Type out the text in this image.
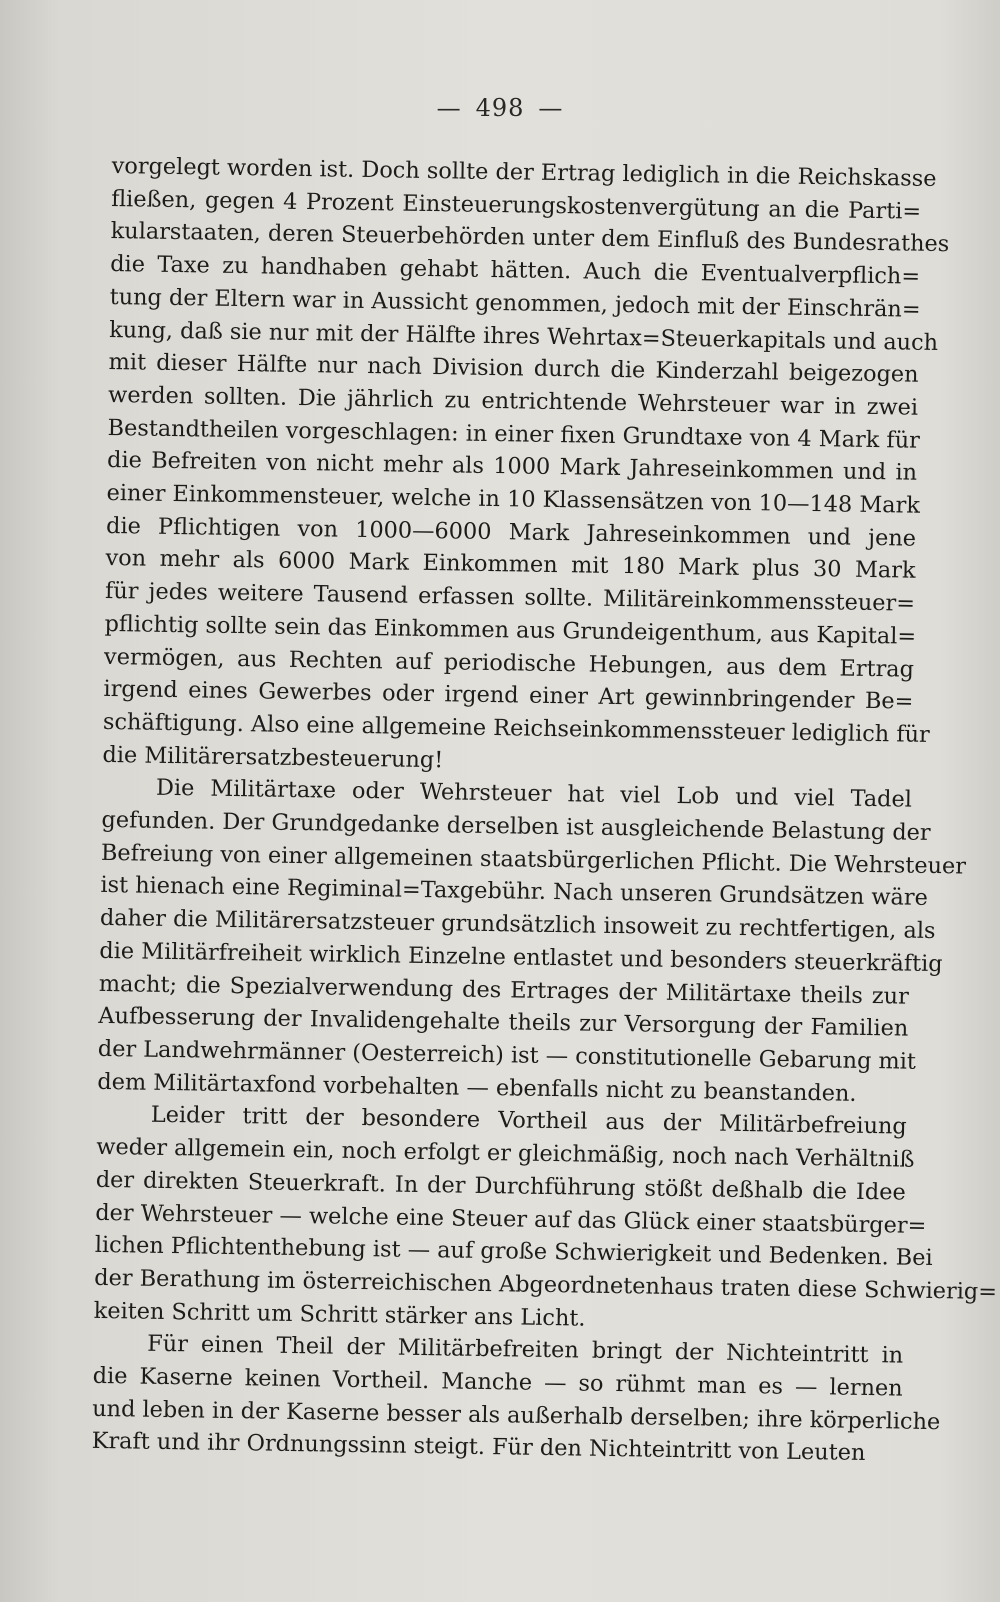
— 498 —
vorgelegt worden ist. Doch sollte der Ertrag lediglich in die Reichskasse
fließen, gegen 4 Prozent Einsteuerungskostenvergütung an die Parti=
kularstaaten, deren Steuerbehörden unter dem Einfluß des Bundesrathes
die Taxe zu handhaben gehabt hätten. Auch die Eventualverpflich=
tung der Eltern war in Aussicht genommen, jedoch mit der Einschrän=
kung, daß sie nur mit der Hälfte ihres Wehrtax=Steuerkapitals und auch
mit dieser Hälfte nur nach Division durch die Kinderzahl beigezogen
werden sollten. Die jährlich zu entrichtende Wehrsteuer war in zwei
Bestandtheilen vorgeschlagen: in einer fixen Grundtaxe von 4 Mark für
die Befreiten von nicht mehr als 1000 Mark Jahreseinkommen und in
einer Einkommensteuer, welche in 10 Klassensätzen von 10—148 Mark
die Pflichtigen von 1000—6000 Mark Jahreseinkommen und jene
von mehr als 6000 Mark Einkommen mit 180 Mark plus 30 Mark
für jedes weitere Tausend erfassen sollte. Militäreinkommenssteuer=
pflichtig sollte sein das Einkommen aus Grundeigenthum, aus Kapital=
vermögen, aus Rechten auf periodische Hebungen, aus dem Ertrag
irgend eines Gewerbes oder irgend einer Art gewinnbringender Be=
schäftigung. Also eine allgemeine Reichseinkommenssteuer lediglich für
die Militärersatzbesteuerung!
Die Militärtaxe oder Wehrsteuer hat viel Lob und viel Tadel
gefunden. Der Grundgedanke derselben ist ausgleichende Belastung der
Befreiung von einer allgemeinen staatsbürgerlichen Pflicht. Die Wehrsteuer
ist hienach eine Regiminal=Taxgebühr. Nach unseren Grundsätzen wäre
daher die Militärersatzsteuer grundsätzlich insoweit zu rechtfertigen, als
die Militärfreiheit wirklich Einzelne entlastet und besonders steuerkräftig
macht; die Spezialverwendung des Ertrages der Militärtaxe theils zur
Aufbesserung der Invalidengehalte theils zur Versorgung der Familien
der Landwehrmänner (Oesterreich) ist — constitutionelle Gebarung mit
dem Militärtaxfond vorbehalten — ebenfalls nicht zu beanstanden.
Leider tritt der besondere Vortheil aus der Militärbefreiung
weder allgemein ein, noch erfolgt er gleichmäßig, noch nach Verhältniß
der direkten Steuerkraft. In der Durchführung stößt deßhalb die Idee
der Wehrsteuer — welche eine Steuer auf das Glück einer staatsbürger=
lichen Pflichtenthebung ist — auf große Schwierigkeit und Bedenken. Bei
der Berathung im österreichischen Abgeordnetenhaus traten diese Schwierig=
keiten Schritt um Schritt stärker ans Licht.
Für einen Theil der Militärbefreiten bringt der Nichteintritt in
die Kaserne keinen Vortheil. Manche — so rühmt man es — lernen
und leben in der Kaserne besser als außerhalb derselben; ihre körperliche
Kraft und ihr Ordnungssinn steigt. Für den Nichteintritt von Leuten
